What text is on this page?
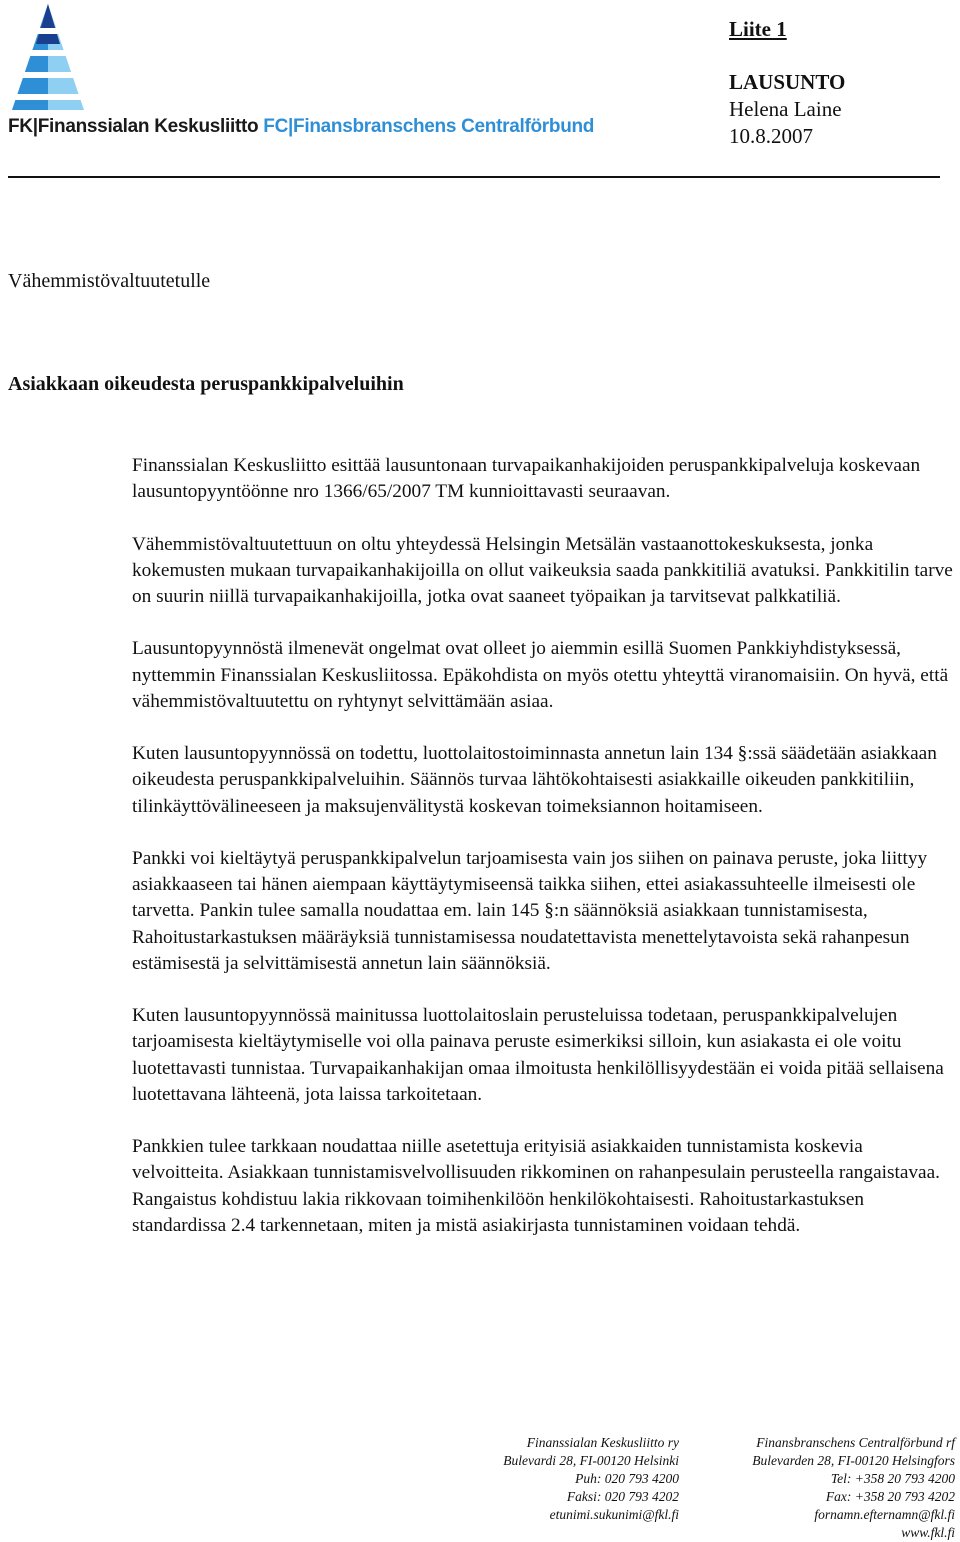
FK|Finanssialan Keskusliitto FC|Finansbranschens Centralförbund
Liite 1
LAUSUNTO
Helena Laine
10.8.2007
Vähemmistövaltuutetulle
Asiakkaan oikeudesta peruspankkipalveluihin

Finanssialan Keskusliitto esittää lausuntonaan turvapaikanhakijoiden peruspankkipalveluja koskevaan lausuntopyyntöönne nro 1366/65/2007 TM kunnioittavasti seuraavan.

Vähemmistövaltuutettuun on oltu yhteydessä Helsingin Metsälän vastaanottokeskuksesta, jonka kokemusten mukaan turvapaikanhakijoilla on ollut vaikeuksia saada pankkitiliä avatuksi. Pankkitilin tarve on suurin niillä turvapaikanhakijoilla, jotka ovat saaneet työpaikan ja tarvitsevat palkkatiliä.

Lausuntopyynnöstä ilmenevät ongelmat ovat olleet jo aiemmin esillä Suomen Pankkiyhdistyksessä, nyttemmin Finanssialan Keskusliitossa. Epäkohdista on myös otettu yhteyttä viranomaisiin. On hyvä, että vähemmistövaltuutettu on ryhtynyt selvittämään asiaa.

Kuten lausuntopyynnössä on todettu, luottolaitostoiminnasta annetun lain 134 §:ssä säädetään asiakkaan oikeudesta peruspankkipalveluihin. Säännös turvaa lähtökohtaisesti asiakkaille oikeuden pankkitiliin, tilinkäyttövälineeseen ja maksujenvälitystä koskevan toimeksiannon hoitamiseen.

Pankki voi kieltäytyä peruspankkipalvelun tarjoamisesta vain jos siihen on painava peruste, joka liittyy asiakkaaseen tai hänen aiempaan käyttäytymiseensä taikka siihen, ettei asiakassuhteelle ilmeisesti ole tarvetta. Pankin tulee samalla noudattaa em. lain 145 §:n säännöksiä asiakkaan tunnistamisesta, Rahoitustarkastuksen määräyksiä tunnistamisessa noudatettavista menettelytavoista sekä rahanpesun estämisestä ja selvittämisestä annetun lain säännöksiä.

Kuten lausuntopyynnössä mainitussa luottolaitoslain perusteluissa todetaan, peruspankkipalvelujen tarjoamisesta kieltäytymiselle voi olla painava peruste esimerkiksi silloin, kun asiakasta ei ole voitu luotettavasti tunnistaa. Turvapaikanhakijan omaa ilmoitusta henkilöllisyydestään ei voida pitää sellaisena luotettavana lähteenä, jota laissa tarkoitetaan.

Pankkien tulee tarkkaan noudattaa niille asetettuja erityisiä asiakkaiden tunnistamista koskevia velvoitteita. Asiakkaan tunnistamisvelvollisuuden rikkominen on rahanpesulain perusteella rangaistavaa. Rangaistus kohdistuu lakia rikkovaan toimihenkilöön henkilökohtaisesti. Rahoitustarkastuksen standardissa 2.4 tarkennetaan, miten ja mistä asiakirjasta tunnistaminen voidaan tehdä.

Finanssialan Keskusliitto ry
Bulevardi 28, FI-00120 Helsinki
Puh: 020 793 4200
Faksi: 020 793 4202
etunimi.sukunimi@fkl.fi
Finansbranschens Centralförbund rf
Bulevarden 28, FI-00120 Helsingfors
Tel: +358 20 793 4200
Fax: +358 20 793 4202
fornamn.efternamn@fkl.fi
www.fkl.fi
